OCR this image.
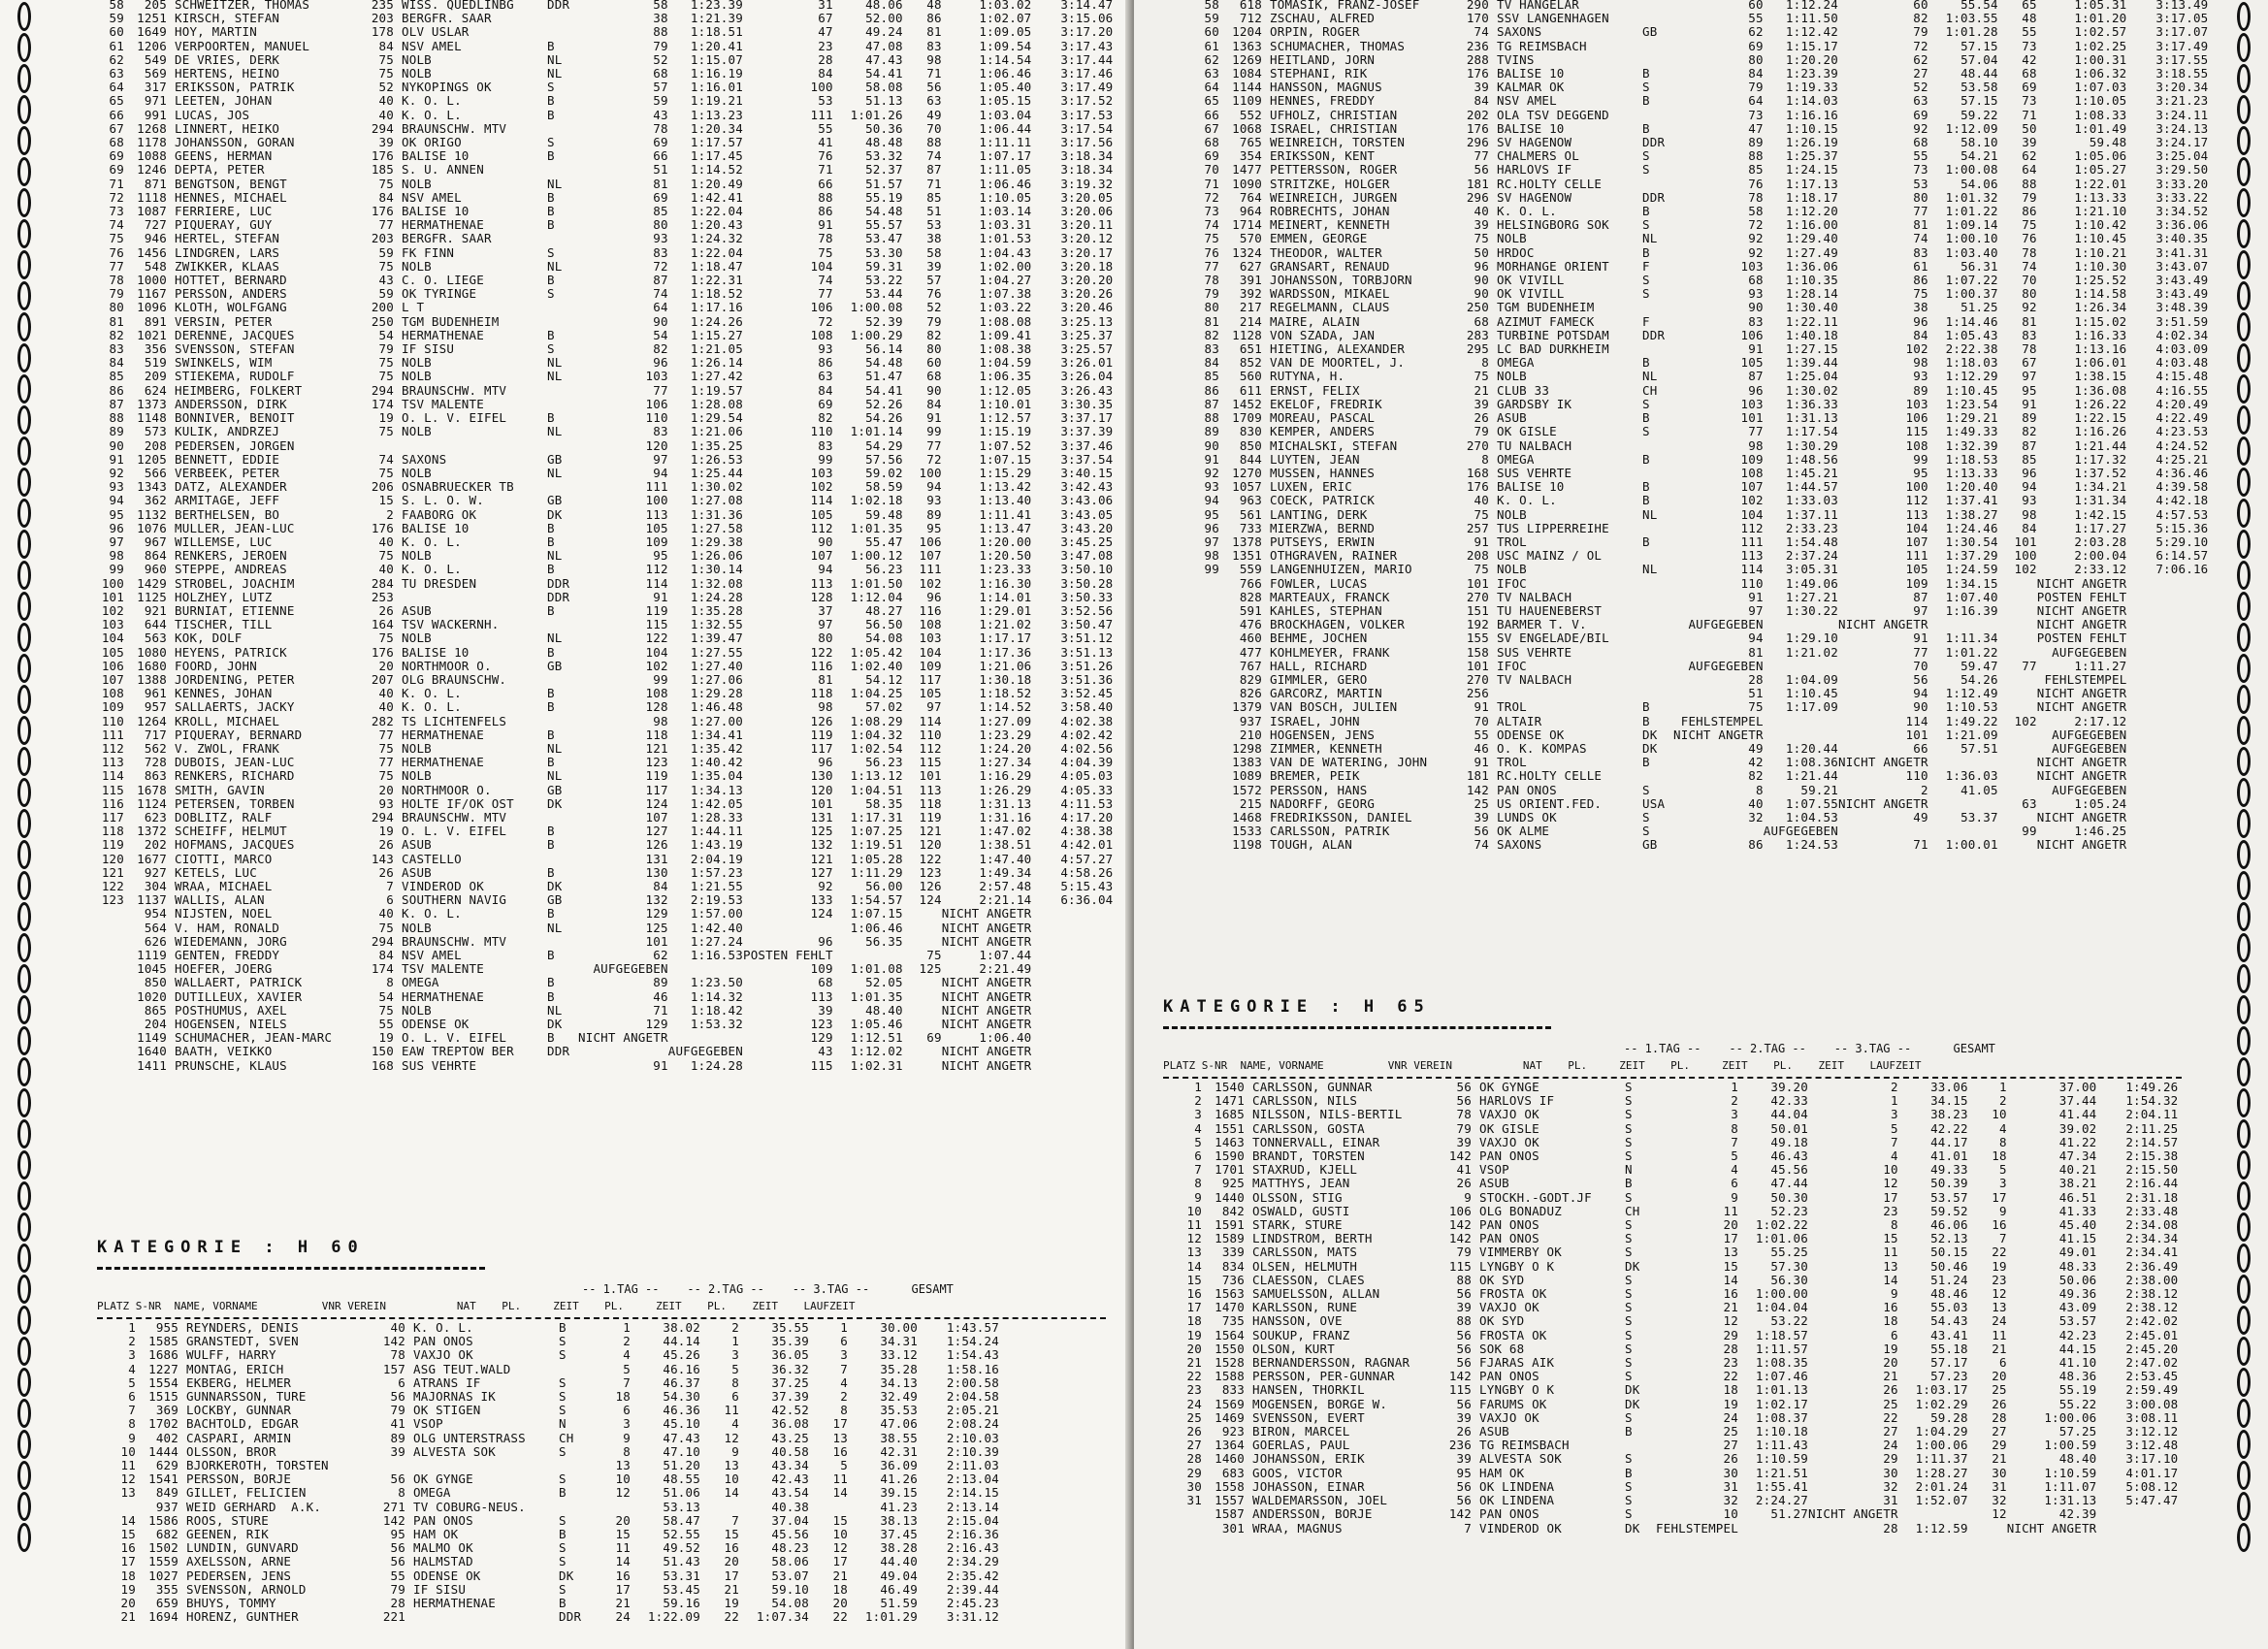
58	205	SCHWEITZER, THOMAS	235	WISS. QUEDLINBG	DDR	58	1:23.39	31	48.06	48	1:03.02	3:14.47
59	1251	KIRSCH, STEFAN	203	BERGFR. SAAR		38	1:21.39	67	52.00	86	1:02.07	3:15.06
60	1649	HOY, MARTIN	178	OLV USLAR		88	1:18.51	47	49.24	81	1:09.05	3:17.20
61	1206	VERPOORTEN, MANUEL	84	NSV AMEL	B	79	1:20.41	23	47.08	83	1:09.54	3:17.43
62	549	DE VRIES, DERK	75	NOLB	NL	52	1:15.07	28	47.43	98	1:14.54	3:17.44
63	569	HERTENS, HEINO	75	NOLB	NL	68	1:16.19	84	54.41	71	1:06.46	3:17.46
64	317	ERIKSSON, PATRIK	52	NYKOPINGS OK	S	57	1:16.01	100	58.08	56	1:05.40	3:17.49
65	971	LEETEN, JOHAN	40	K. O. L.	B	59	1:19.21	53	51.13	63	1:05.15	3:17.52
66	991	LUCAS, JOS	40	K. O. L.	B	43	1:13.23	111	1:01.26	49	1:03.04	3:17.53
67	1268	LINNERT, HEIKO	294	BRAUNSCHW. MTV		78	1:20.34	55	50.36	70	1:06.44	3:17.54
68	1178	JOHANSSON, GORAN	39	OK ORIGO	S	69	1:17.57	41	48.48	88	1:11.11	3:17.56
69	1088	GEENS, HERMAN	176	BALISE 10	B	66	1:17.45	76	53.32	74	1:07.17	3:18.34
69	1246	DEPTA, PETER	185	S. U. ANNEN		51	1:14.52	71	52.37	87	1:11.05	3:18.34
71	871	BENGTSON, BENGT	75	NOLB	NL	81	1:20.49	66	51.57	71	1:06.46	3:19.32
72	1118	HENNES, MICHAEL	84	NSV AMEL	B	69	1:42.41	88	55.19	85	1:10.05	3:20.05
73	1087	FERRIERE, LUC	176	BALISE 10	B	85	1:22.04	86	54.48	51	1:03.14	3:20.06
74	727	PIQUERAY, GUY	77	HERMATHENAE	B	80	1:20.43	91	55.57	53	1:03.31	3:20.11
75	946	HERTEL, STEFAN	203	BERGFR. SAAR		93	1:24.32	78	53.47	38	1:01.53	3:20.12
76	1456	LINDGREN, LARS	59	FK FINN	S	83	1:22.04	75	53.30	58	1:04.43	3:20.17
77	548	ZWIKKER, KLAAS	75	NOLB	NL	72	1:18.47	104	59.31	39	1:02.00	3:20.18
78	1000	HOTTET, BERNARD	43	C. O. LIEGE	B	87	1:22.31	74	53.22	57	1:04.27	3:20.20
79	1167	PERSSON, ANDERS	59	OK TYRINGE	S	74	1:18.52	77	53.44	76	1:07.38	3:20.26
80	1096	KLOTH, WOLFGANG	200	L T		64	1:17.16	106	1:00.08	52	1:03.22	3:20.46
81	891	VERSIN, PETER	250	TGM BUDENHEIM		90	1:24.26	72	52.39	79	1:08.08	3:25.13
82	1021	DERENNE, JACQUES	54	HERMATHENAE	B	54	1:15.27	108	1:00.29	82	1:09.41	3:25.37
83	356	SVENSSON, STEFAN	79	IF SISU	S	82	1:21.05	93	56.14	80	1:08.38	3:25.57
84	519	SWINKELS, WIM	75	NOLB	NL	96	1:26.14	86	54.48	60	1:04.59	3:26.01
85	209	STIEKEMA, RUDOLF	75	NOLB	NL	103	1:27.42	63	51.47	68	1:06.35	3:26.04
86	624	HEIMBERG, FOLKERT	294	BRAUNSCHW. MTV		77	1:19.57	84	54.41	90	1:12.05	3:26.43
87	1373	ANDERSSON, DIRK	174	TSV MALENTE		106	1:28.08	69	52.26	84	1:10.01	3:30.35
88	1148	BONNIVER, BENOIT	19	O. L. V. EIFEL	B	110	1:29.54	82	54.26	91	1:12.57	3:37.17
89	573	KULIK, ANDRZEJ	75	NOLB	NL	83	1:21.06	110	1:01.14	99	1:15.19	3:37.39
90	208	PEDERSEN, JORGEN				120	1:35.25	83	54.29	77	1:07.52	3:37.46
91	1205	BENNETT, EDDIE	74	SAXONS	GB	97	1:26.53	99	57.56	72	1:07.15	3:37.54
92	566	VERBEEK, PETER	75	NOLB	NL	94	1:25.44	103	59.02	100	1:15.29	3:40.15
93	1343	DATZ, ALEXANDER	206	OSNABRUECKER TB		111	1:30.02	102	58.59	94	1:13.42	3:42.43
94	362	ARMITAGE, JEFF	15	S. L. O. W.	GB	100	1:27.08	114	1:02.18	93	1:13.40	3:43.06
95	1132	BERTHELSEN, BO	2	FAABORG OK	DK	113	1:31.36	105	59.48	89	1:11.41	3:43.05
96	1076	MULLER, JEAN-LUC	176	BALISE 10	B	105	1:27.58	112	1:01.35	95	1:13.47	3:43.20
97	967	WILLEMSE, LUC	40	K. O. L.	B	109	1:29.38	90	55.47	106	1:20.00	3:45.25
98	864	RENKERS, JEROEN	75	NOLB	NL	95	1:26.06	107	1:00.12	107	1:20.50	3:47.08
99	960	STEPPE, ANDREAS	40	K. O. L.	B	112	1:30.14	94	56.23	111	1:23.33	3:50.10
100	1429	STROBEL, JOACHIM	284	TU DRESDEN	DDR	114	1:32.08	113	1:01.50	102	1:16.30	3:50.28
101	1125	HOLZHEY, LUTZ	253		DDR	91	1:24.28	128	1:12.04	96	1:14.01	3:50.33
102	921	BURNIAT, ETIENNE	26	ASUB	B	119	1:35.28	37	48.27	116	1:29.01	3:52.56
103	644	TISCHER, TILL	164	TSV WACKERNH.		115	1:32.55	97	56.50	108	1:21.02	3:50.47
104	563	KOK, DOLF	75	NOLB	NL	122	1:39.47	80	54.08	103	1:17.17	3:51.12
105	1080	HEYENS, PATRICK	176	BALISE 10	B	104	1:27.55	122	1:05.42	104	1:17.36	3:51.13
106	1680	FOORD, JOHN	20	NORTHMOOR O.	GB	102	1:27.40	116	1:02.40	109	1:21.06	3:51.26
107	1388	JORDENING, PETER	207	OLG BRAUNSCHW.		99	1:27.06	81	54.12	117	1:30.18	3:51.36
108	961	KENNES, JOHAN	40	K. O. L.	B	108	1:29.28	118	1:04.25	105	1:18.52	3:52.45
109	957	SALLAERTS, JACKY	40	K. O. L.	B	128	1:46.48	98	57.02	97	1:14.52	3:58.40
110	1264	KROLL, MICHAEL	282	TS LICHTENFELS		98	1:27.00	126	1:08.29	114	1:27.09	4:02.38
111	717	PIQUERAY, BERNARD	77	HERMATHENAE	B	118	1:34.41	119	1:04.32	110	1:23.29	4:02.42
112	562	V. ZWOL, FRANK	75	NOLB	NL	121	1:35.42	117	1:02.54	112	1:24.20	4:02.56
113	728	DUBOIS, JEAN-LUC	77	HERMATHENAE	B	123	1:40.42	96	56.23	115	1:27.34	4:04.39
114	863	RENKERS, RICHARD	75	NOLB	NL	119	1:35.04	130	1:13.12	101	1:16.29	4:05.03
115	1678	SMITH, GAVIN	20	NORTHMOOR O.	GB	117	1:34.13	120	1:04.51	113	1:26.29	4:05.33
116	1124	PETERSEN, TORBEN	93	HOLTE IF/OK OST	DK	124	1:42.05	101	58.35	118	1:31.13	4:11.53
117	623	DOBLITZ, RALF	294	BRAUNSCHW. MTV		107	1:28.33	131	1:17.31	119	1:31.16	4:17.20
118	1372	SCHEIFF, HELMUT	19	O. L. V. EIFEL	B	127	1:44.11	125	1:07.25	121	1:47.02	4:38.38
119	202	HOFMANS, JACQUES	26	ASUB	B	126	1:43.19	132	1:19.51	120	1:38.51	4:42.01
120	1677	CIOTTI, MARCO	143	CASTELLO		131	2:04.19	121	1:05.28	122	1:47.40	4:57.27
121	927	KETELS, LUC	26	ASUB	B	130	1:57.23	127	1:11.29	123	1:49.34	4:58.26
122	304	WRAA, MICHAEL	7	VINDEROD OK	DK	84	1:21.55	92	56.00	126	2:57.48	5:15.43
123	1137	WALLIS, ALAN	6	SOUTHERN NAVIG	GB	132	2:19.53	133	1:54.57	124	2:21.14	6:36.04
	954	NIJSTEN, NOEL	40	K. O. L.	B	129	1:57.00	124	1:07.15		NICHT ANGETR	
	564	V. HAM, RONALD	75	NOLB	NL	125	1:42.40		1:06.46		NICHT ANGETR	
	626	WIEDEMANN, JORG	294	BRAUNSCHW. MTV		101	1:27.24	96	56.35		NICHT ANGETR	
	1119	GENTEN, FREDDY	84	NSV AMEL	B	62	1:16.53	POSTEN FEHLT		75	1:07.44	
	1045	HOEFER, JOERG	174	TSV MALENTE		AUFGEGEBEN		109	1:01.08	125	2:21.49	
	850	WALLAERT, PATRICK	8	OMEGA	B	89	1:23.50	68	52.05		NICHT ANGETR	
	1020	DUTILLEUX, XAVIER	54	HERMATHENAE	B	46	1:14.32	113	1:01.35		NICHT ANGETR	
	865	POSTHUMUS, AXEL	75	NOLB	NL	71	1:18.42	39	48.40		NICHT ANGETR	
	204	HOGENSEN, NIELS	55	ODENSE OK	DK	129	1:53.32	123	1:05.46		NICHT ANGETR	
	1149	SCHUMACHER, JEAN-MARC	19	O. L. V. EIFEL	B	NICHT ANGETR		129	1:12.51	69	1:06.40	
	1640	BAATH, VEIKKO	150	EAW TREPTOW BER	DDR		AUFGEGEBEN	43	1:12.02		NICHT ANGETR	
	1411	PRUNSCHE, KLAUS	168	SUS VEHRTE		91	1:24.28	115	1:02.31		NICHT ANGETR	
KATEGORIE : H 60
-- 1.TAG --    -- 2.TAG --    -- 3.TAG --      GESAMT
PLATZ S-NR  NAME, VORNAME          VNR VEREIN           NAT    PL.     ZEIT    PL.     ZEIT    PL.    ZEIT    LAUFZEIT
1	955	REYNDERS, DENIS	40	K. O. L.	B	1	38.02	2	35.55	1	30.00	1:43.57
2	1585	GRANSTEDT, SVEN	142	PAN ONOS	S	2	44.14	1	35.39	6	34.31	1:54.24
3	1686	WULFF, HARRY	78	VAXJO OK	S	4	45.26	3	36.05	3	33.12	1:54.43
4	1227	MONTAG, ERICH	157	ASG TEUT.WALD		5	46.16	5	36.32	7	35.28	1:58.16
5	1554	EKBERG, HELMER	6	ATRANS IF	S	7	46.37	8	37.25	4	34.13	2:00.58
6	1515	GUNNARSSON, TURE	56	MAJORNAS IK	S	18	54.30	6	37.39	2	32.49	2:04.58
7	369	LOCKBY, GUNNAR	79	OK STIGEN	S	6	46.36	11	42.52	8	35.53	2:05.21
8	1702	BACHTOLD, EDGAR	41	VSOP	N	3	45.10	4	36.08	17	47.06	2:08.24
9	402	CASPARI, ARMIN	89	OLG UNTERSTRASS	CH	9	47.43	12	43.25	13	38.55	2:10.03
10	1444	OLSSON, BROR	39	ALVESTA SOK	S	8	47.10	9	40.58	16	42.31	2:10.39
11	629	BJORKEROTH, TORSTEN				13	51.20	13	43.34	5	36.09	2:11.03
12	1541	PERSSON, BORJE	56	OK GYNGE	S	10	48.55	10	42.43	11	41.26	2:13.04
13	849	GILLET, FELICIEN	8	OMEGA	B	12	51.06	14	43.54	14	39.15	2:14.15
	937	WEID GERHARD  A.K.	271	TV COBURG-NEUS.			53.13		40.38		41.23	2:13.14
14	1586	ROOS, STURE	142	PAN ONOS	S	20	58.47	7	37.04	15	38.13	2:15.04
15	682	GEENEN, RIK	95	HAM OK	B	15	52.55	15	45.56	10	37.45	2:16.36
16	1502	LUNDIN, GUNVARD	56	MALMO OK	S	11	49.52	16	48.23	12	38.28	2:16.43
17	1559	AXELSSON, ARNE	56	HALMSTAD	S	14	51.43	20	58.06	17	44.40	2:34.29
18	1027	PEDERSEN, JENS	55	ODENSE OK	DK	16	53.31	17	53.07	21	49.04	2:35.42
19	355	SVENSSON, ARNOLD	79	IF SISU	S	17	53.45	21	59.10	18	46.49	2:39.44
20	659	BHUYS, TOMMY	28	HERMATHENAE	B	21	59.16	19	54.08	20	51.59	2:45.23
21	1694	HORENZ, GUNTHER	221		DDR	24	1:22.09	22	1:07.34	22	1:01.29	3:31.12
58	618	TOMASIK, FRANZ-JOSEF	290	TV HANGELAR		60	1:12.24	60	55.54	65	1:05.31	3:13.49
59	712	ZSCHAU, ALFRED	170	SSV LANGENHAGEN		55	1:11.50	82	1:03.55	48	1:01.20	3:17.05
60	1204	ORPIN, ROGER	74	SAXONS	GB	62	1:12.42	79	1:01.28	55	1:02.57	3:17.07
61	1363	SCHUMACHER, THOMAS	236	TG REIMSBACH		69	1:15.17	72	57.15	73	1:02.25	3:17.49
62	1269	HEITLAND, JORN	288	TVINS		80	1:20.20	62	57.04	42	1:00.31	3:17.55
63	1084	STEPHANI, RIK	176	BALISE 10	B	84	1:23.39	27	48.44	68	1:06.32	3:18.55
64	1144	HANSSON, MAGNUS	39	KALMAR OK	S	79	1:19.33	52	53.58	69	1:07.03	3:20.34
65	1109	HENNES, FREDDY	84	NSV AMEL	B	64	1:14.03	63	57.15	73	1:10.05	3:21.23
66	552	UFHOLZ, CHRISTIAN	202	OLA TSV DEGGEND		73	1:16.16	69	59.22	71	1:08.33	3:24.11
67	1068	ISRAEL, CHRISTIAN	176	BALISE 10	B	47	1:10.15	92	1:12.09	50	1:01.49	3:24.13
68	765	WEINREICH, TORSTEN	296	SV HAGENOW	DDR	89	1:26.19	68	58.10	39	59.48	3:24.17
69	354	ERIKSSON, KENT	77	CHALMERS OL	S	88	1:25.37	55	54.21	62	1:05.06	3:25.04
70	1477	PETTERSSON, ROGER	56	HARLOVS IF	S	85	1:24.15	73	1:00.08	64	1:05.27	3:29.50
71	1090	STRITZKE, HOLGER	181	RC.HOLTY CELLE		76	1:17.13	53	54.06	88	1:22.01	3:33.20
72	764	WEINREICH, JURGEN	296	SV HAGENOW	DDR	78	1:18.17	80	1:01.32	79	1:13.33	3:33.22
73	964	ROBRECHTS, JOHAN	40	K. O. L.	B	58	1:12.20	77	1:01.22	86	1:21.10	3:34.52
74	1714	MEINERT, KENNETH	39	HELSINGBORG SOK	S	72	1:16.00	81	1:09.14	75	1:10.42	3:36.06
75	570	EMMEN, GEORGE	75	NOLB	NL	92	1:29.40	74	1:00.10	76	1:10.45	3:40.35
76	1324	THEODOR, WALTER	50	HRDOC	B	92	1:27.49	83	1:03.40	78	1:10.21	3:41.31
77	627	GRANSART, RENAUD	96	MORHANGE ORIENT	F	103	1:36.06	61	56.31	74	1:10.30	3:43.07
78	391	JOHANSSON, TORBJORN	90	OK VIVILL	S	68	1:10.35	86	1:07.22	70	1:25.52	3:43.49
79	392	WARDSSON, MIKAEL	90	OK VIVILL	S	93	1:28.14	75	1:00.37	80	1:14.58	3:43.49
80	217	REGELMANN, CLAUS	250	TGM BUDENHEIM		90	1:30.40	38	51.25	92	1:26.34	3:48.39
81	214	MAIRE, ALAIN	68	AZIMUT FAMECK	F	83	1:22.11	96	1:14.46	81	1:15.02	3:51.59
82	1128	VON SZADA, JAN	283	TURBINE POTSDAM	DDR	106	1:40.18	84	1:05.43	83	1:16.33	4:02.34
83	651	HIETING, ALEXANDER	295	LC BAD DURKHEIM		91	1:27.15	102	2:22.38	78	1:13.16	4:03.09
84	852	VAN DE MOORTEL, J.	8	OMEGA	B	105	1:39.44	98	1:18.03	67	1:06.01	4:03.48
85	560	RUTYNA, H.	75	NOLB	NL	87	1:25.04	93	1:12.29	97	1:38.15	4:15.48
86	611	ERNST, FELIX	21	CLUB 33	CH	96	1:30.02	89	1:10.45	95	1:36.08	4:16.55
87	1452	EKELOF, FREDRIK	39	GARDSBY IK	S	103	1:36.33	103	1:23.54	91	1:26.22	4:20.49
88	1709	MOREAU, PASCAL	26	ASUB	B	101	1:31.13	106	1:29.21	89	1:22.15	4:22.49
89	830	KEMPER, ANDERS	79	OK GISLE	S	77	1:17.54	115	1:49.33	82	1:16.26	4:23.53
90	850	MICHALSKI, STEFAN	270	TU NALBACH		98	1:30.29	108	1:32.39	87	1:21.44	4:24.52
91	844	LUYTEN, JEAN	8	OMEGA	B	109	1:48.56	99	1:18.53	85	1:17.32	4:25.21
92	1270	MUSSEN, HANNES	168	SUS VEHRTE		108	1:45.21	95	1:13.33	96	1:37.52	4:36.46
93	1057	LUXEN, ERIC	176	BALISE 10	B	107	1:44.57	100	1:20.40	94	1:34.21	4:39.58
94	963	COECK, PATRICK	40	K. O. L.	B	102	1:33.03	112	1:37.41	93	1:31.34	4:42.18
95	561	LANTING, DERK	75	NOLB	NL	104	1:37.11	113	1:38.27	98	1:42.15	4:57.53
96	733	MIERZWA, BERND	257	TUS LIPPERREIHE		112	2:33.23	104	1:24.46	84	1:17.27	5:15.36
97	1378	PUTSEYS, ERWIN	91	TROL	B	111	1:54.48	107	1:30.54	101	2:03.28	5:29.10
98	1351	OTHGRAVEN, RAINER	208	USC MAINZ / OL		113	2:37.24	111	1:37.29	100	2:00.04	6:14.57
99	559	LANGENHUIZEN, MARIO	75	NOLB	NL	114	3:05.31	105	1:24.59	102	2:33.12	7:06.16
	766	FOWLER, LUCAS	101	IFOC		110	1:49.06	109	1:34.15		NICHT ANGETR	
	828	MARTEAUX, FRANCK	270	TV NALBACH		91	1:27.21	87	1:07.40		POSTEN FEHLT	
	591	KAHLES, STEPHAN	151	TU HAUENEBERST		97	1:30.22	97	1:16.39		NICHT ANGETR	
	476	BROCKHAGEN, VOLKER	192	BARMER T. V.		AUFGEGEBEN		NICHT ANGETR			NICHT ANGETR	
	460	BEHME, JOCHEN	155	SV ENGELADE/BIL		94	1:29.10	91	1:11.34		POSTEN FEHLT	
	477	KOHLMEYER, FRANK	158	SUS VEHRTE		81	1:21.02	77	1:01.22		AUFGEGEBEN	
	767	HALL, RICHARD	101	IFOC		AUFGEGEBEN		70	59.47	77	1:11.27	
	829	GIMMLER, GERO	270	TV NALBACH		28	1:04.09	56	54.26		FEHLSTEMPEL	
	826	GARCORZ, MARTIN	256			51	1:10.45	94	1:12.49		NICHT ANGETR	
	1379	VAN BOSCH, JULIEN	91	TROL	B	75	1:17.09	90	1:10.53		NICHT ANGETR	
	937	ISRAEL, JOHN	70	ALTAIR	B	FEHLSTEMPEL		114	1:49.22	102	2:17.12	
	210	HOGENSEN, JENS	55	ODENSE OK	DK	NICHT ANGETR		101	1:21.09		AUFGEGEBEN	
	1298	ZIMMER, KENNETH	46	O. K. KOMPAS	DK	49	1:20.44	66	57.51		AUFGEGEBEN	
	1383	VAN DE WATERING, JOHN	91	TROL	B	42	1:08.36	NICHT ANGETR			NICHT ANGETR	
	1089	BREMER, PEIK	181	RC.HOLTY CELLE		82	1:21.44	110	1:36.03		NICHT ANGETR	
	1572	PERSSON, HANS	142	PAN ONOS	S	8	59.21	2	41.05		AUFGEGEBEN	
	215	NADORFF, GEORG	25	US ORIENT.FED.	USA	40	1:07.55	NICHT ANGETR		63	1:05.24	
	1468	FREDRIKSSON, DANIEL	39	LUNDS OK	S	32	1:04.53	49	53.37		NICHT ANGETR	
	1533	CARLSSON, PATRIK	56	OK ALME	S		AUFGEGEBEN			99	1:46.25	
	1198	TOUGH, ALAN	74	SAXONS	GB	86	1:24.53	71	1:00.01		NICHT ANGETR	
KATEGORIE : H 65
-- 1.TAG --    -- 2.TAG --    -- 3.TAG --      GESAMT
PLATZ S-NR  NAME, VORNAME          VNR VEREIN           NAT    PL.     ZEIT    PL.     ZEIT    PL.    ZEIT    LAUFZEIT
1	1540	CARLSSON, GUNNAR	56	OK GYNGE	S	1	39.20	2	33.06	1	37.00	1:49.26
2	1471	CARLSSON, NILS	56	HARLOVS IF	S	2	42.33	1	34.15	2	37.44	1:54.32
3	1685	NILSSON, NILS-BERTIL	78	VAXJO OK	S	3	44.04	3	38.23	10	41.44	2:04.11
4	1551	CARLSSON, GOSTA	79	OK GISLE	S	8	50.01	5	42.22	4	39.02	2:11.25
5	1463	TONNERVALL, EINAR	39	VAXJO OK	S	7	49.18	7	44.17	8	41.22	2:14.57
6	1590	BRANDT, TORSTEN	142	PAN ONOS	S	5	46.43	4	41.01	18	47.34	2:15.38
7	1701	STAXRUD, KJELL	41	VSOP	N	4	45.56	10	49.33	5	40.21	2:15.50
8	925	MATTHYS, JEAN	26	ASUB	B	6	47.44	12	50.39	3	38.21	2:16.44
9	1440	OLSSON, STIG	9	STOCKH.-GODT.JF	S	9	50.30	17	53.57	17	46.51	2:31.18
10	842	OSWALD, GUSTI	106	OLG BONADUZ	CH	11	52.23	23	59.52	9	41.33	2:33.48
11	1591	STARK, STURE	142	PAN ONOS	S	20	1:02.22	8	46.06	16	45.40	2:34.08
12	1589	LINDSTROM, BERTH	142	PAN ONOS	S	17	1:01.06	15	52.13	7	41.15	2:34.34
13	339	CARLSSON, MATS	79	VIMMERBY OK	S	13	55.25	11	50.15	22	49.01	2:34.41
14	834	OLSEN, HELMUTH	115	LYNGBY O K	DK	15	57.30	13	50.46	19	48.33	2:36.49
15	736	CLAESSON, CLAES	88	OK SYD	S	14	56.30	14	51.24	23	50.06	2:38.00
16	1563	SAMUELSSON, ALLAN	56	FROSTA OK	S	16	1:00.00	9	48.46	12	49.36	2:38.12
17	1470	KARLSSON, RUNE	39	VAXJO OK	S	21	1:04.04	16	55.03	13	43.09	2:38.12
18	735	HANSSON, OVE	88	OK SYD	S	12	53.22	18	54.43	24	53.57	2:42.02
19	1564	SOUKUP, FRANZ	56	FROSTA OK	S	29	1:18.57	6	43.41	11	42.23	2:45.01
20	1550	OLSON, KURT	56	SOK 68	S	28	1:11.57	19	55.18	21	44.15	2:45.20
21	1528	BERNANDERSSON, RAGNAR	56	FJARAS AIK	S	23	1:08.35	20	57.17	6	41.10	2:47.02
22	1588	PERSSON, PER-GUNNAR	142	PAN ONOS	S	22	1:07.46	21	57.23	20	48.36	2:53.45
23	833	HANSEN, THORKIL	115	LYNGBY O K	DK	18	1:01.13	26	1:03.17	25	55.19	2:59.49
24	1569	MOGENSEN, BORGE W.	56	FARUMS OK	DK	19	1:02.17	25	1:02.29	26	55.22	3:00.08
25	1469	SVENSSON, EVERT	39	VAXJO OK	S	24	1:08.37	22	59.28	28	1:00.06	3:08.11
26	923	BIRON, MARCEL	26	ASUB	B	25	1:10.18	27	1:04.29	27	57.25	3:12.12
27	1364	GOERLAS, PAUL	236	TG REIMSBACH		27	1:11.43	24	1:00.06	29	1:00.59	3:12.48
28	1460	JOHANSSON, ERIK	39	ALVESTA SOK	S	26	1:10.59	29	1:11.37	21	48.40	3:17.10
29	683	GOOS, VICTOR	95	HAM OK	B	30	1:21.51	30	1:28.27	30	1:10.59	4:01.17
30	1558	JOHASSON, EINAR	56	OK LINDENA	S	31	1:55.41	32	2:01.24	31	1:11.07	5:08.12
31	1557	WALDEMARSSON, JOEL	56	OK LINDENA	S	32	2:24.27	31	1:52.07	32	1:31.13	5:47.47
	1587	ANDERSSON, BORJE	142	PAN ONOS	S	10	51.27	NICHT ANGETR		12	42.39	
	301	WRAA, MAGNUS	7	VINDEROD OK	DK	FEHLSTEMPEL		28	1:12.59		NICHT ANGETR	
